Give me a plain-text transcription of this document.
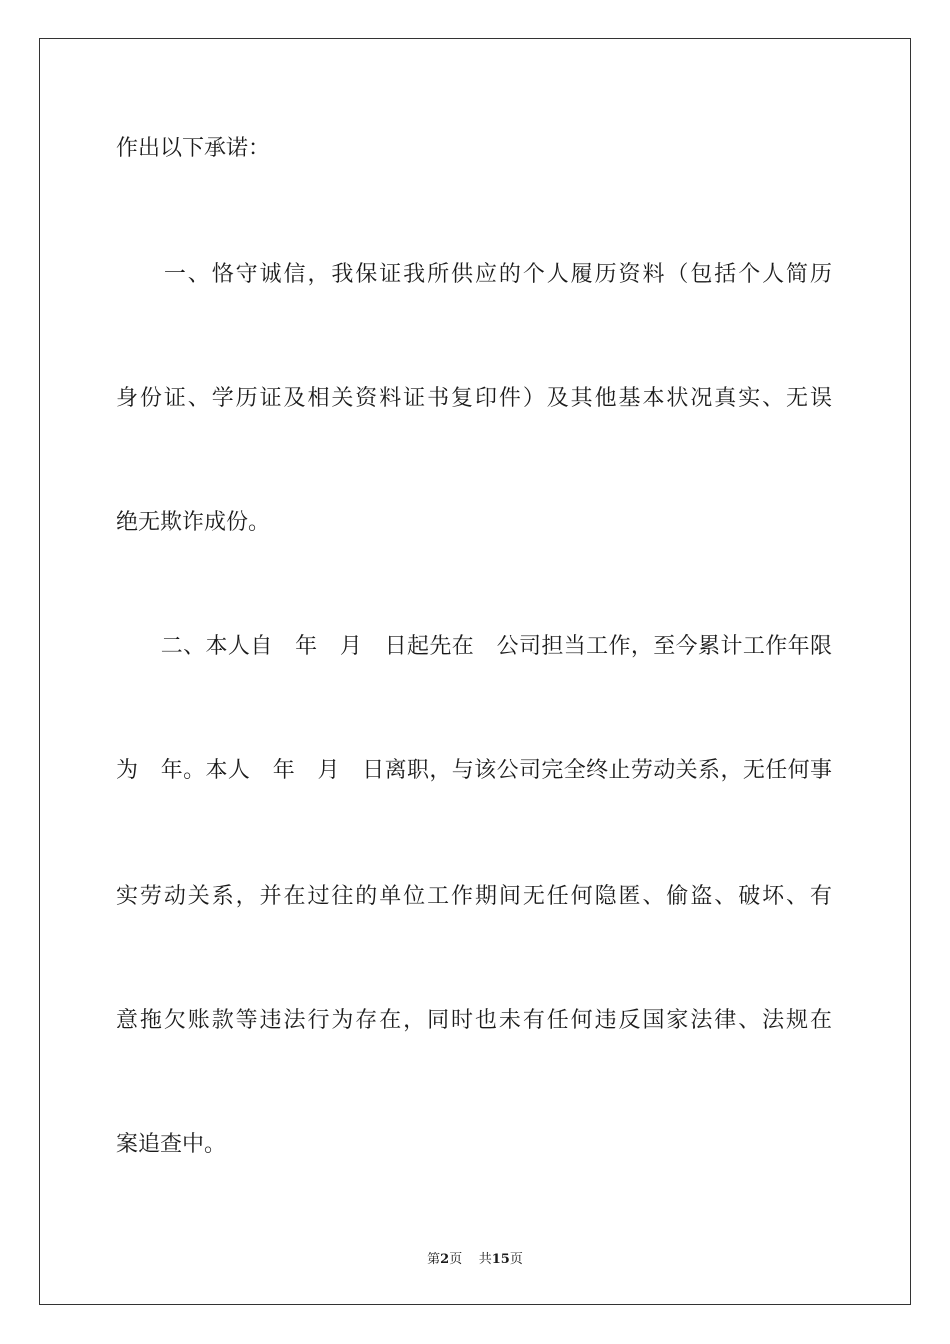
作出以下承诺：
　　一、恪守诚信，我保证我所供应的个人履历资料（包括个人简历
身份证、学历证及相关资料证书复印件）及其他基本状况真实、无误
绝无欺诈成份。
　　二、本人自　年　月　日起先在　公司担当工作，至今累计工作年限
为　年。本人　年　月　日离职，与该公司完全终止劳动关系，无任何事
实劳动关系，并在过往的单位工作期间无任何隐匿、偷盗、破坏、有
意拖欠账款等违法行为存在，同时也未有任何违反国家法律、法规在
案追查中。
第2页 共15页
